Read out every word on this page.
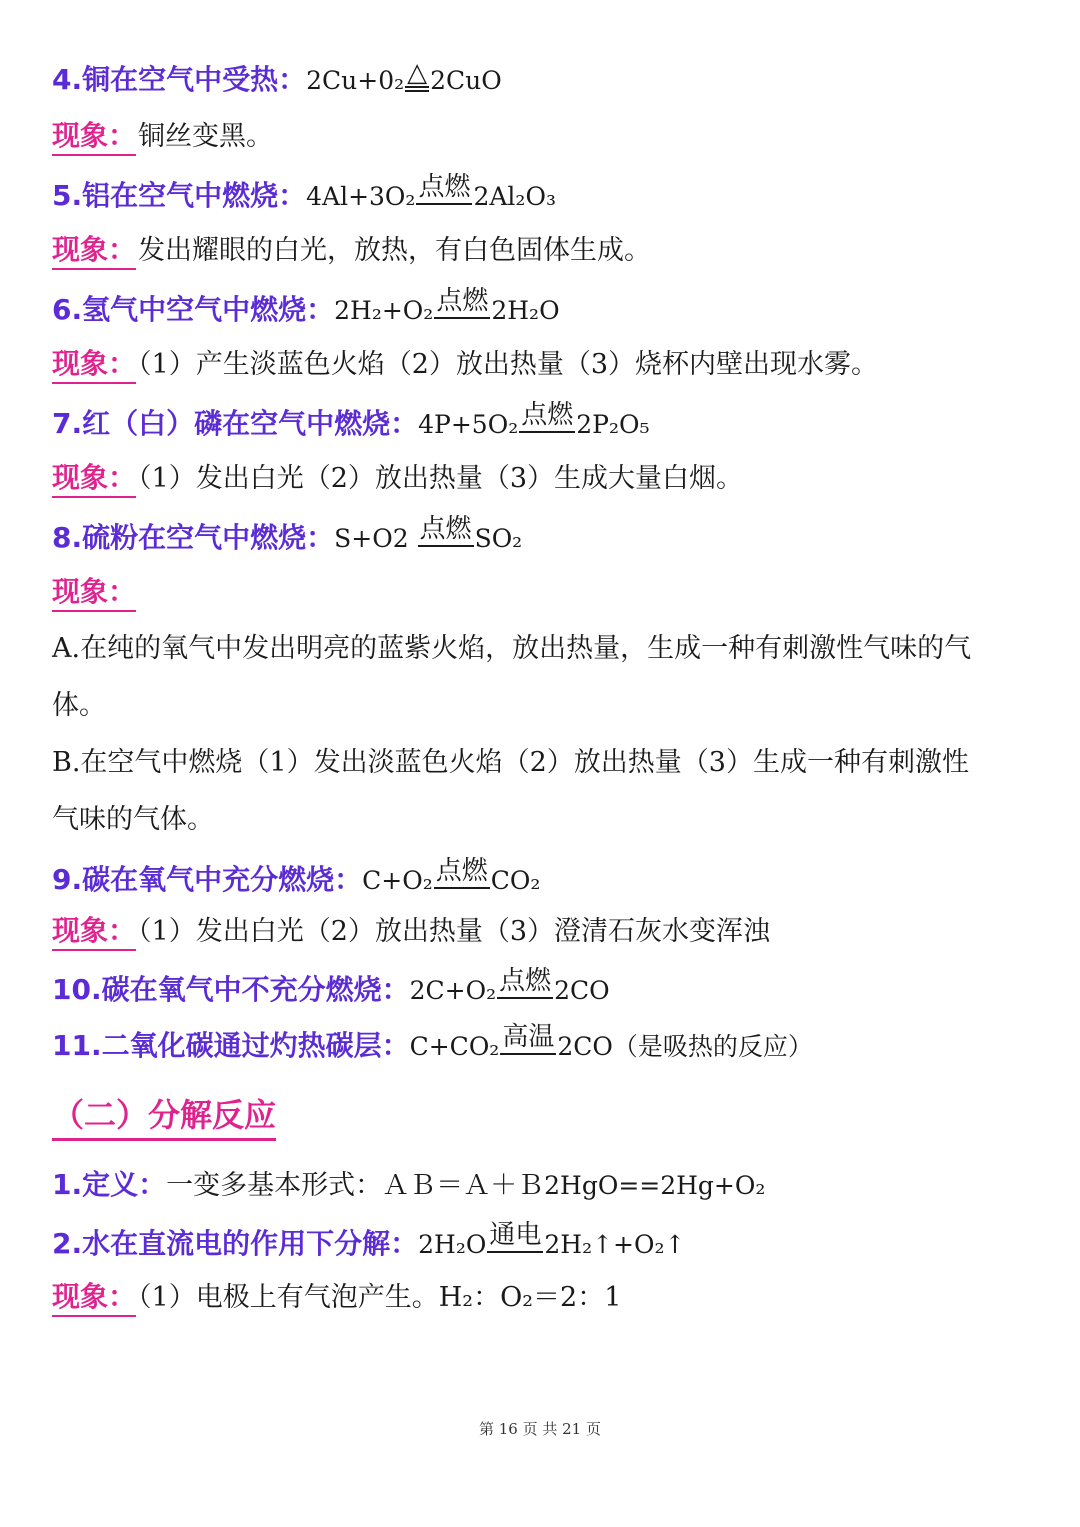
4.铜在空气中受热：2Cu+0₂ △ 2CuO
现象：铜丝变黑。
5.铝在空气中燃烧：4Al+3O₂ 点燃 2Al₂O₃
现象：发出耀眼的白光，放热，有白色固体生成。
6.氢气中空气中燃烧：2H₂+O₂ 点燃 2H₂O
现象：（1）产生淡蓝色火焰（2）放出热量（3）烧杯内壁出现水雾。
7.红（白）磷在空气中燃烧：4P+5O₂ 点燃 2P₂O₅
现象：（1）发出白光（2）放出热量（3）生成大量白烟。
8.硫粉在空气中燃烧：S+O2 点燃 SO₂
现象：
A.在纯的氧气中发出明亮的蓝紫火焰，放出热量，生成一种有刺激性气味的气
体。
B.在空气中燃烧（1）发出淡蓝色火焰（2）放出热量（3）生成一种有刺激性
气味的气体。
9.碳在氧气中充分燃烧：C+O₂ 点燃 CO₂
现象：（1）发出白光（2）放出热量（3）澄清石灰水变浑浊
10.碳在氧气中不充分燃烧：2C+O₂ 点燃 2CO
11.二氧化碳通过灼热碳层：C+CO₂ 高温 2CO（是吸热的反应）
（二）分解反应
1.定义：一变多基本形式：ＡＢ＝Ａ＋Ｂ2HgO==2Hg+O₂
2.水在直流电的作用下分解：2H₂O 通电 2H₂↑+O₂↑
现象：（1）电极上有气泡产生。H₂：O₂＝2：1
第 16 页 共 21 页
